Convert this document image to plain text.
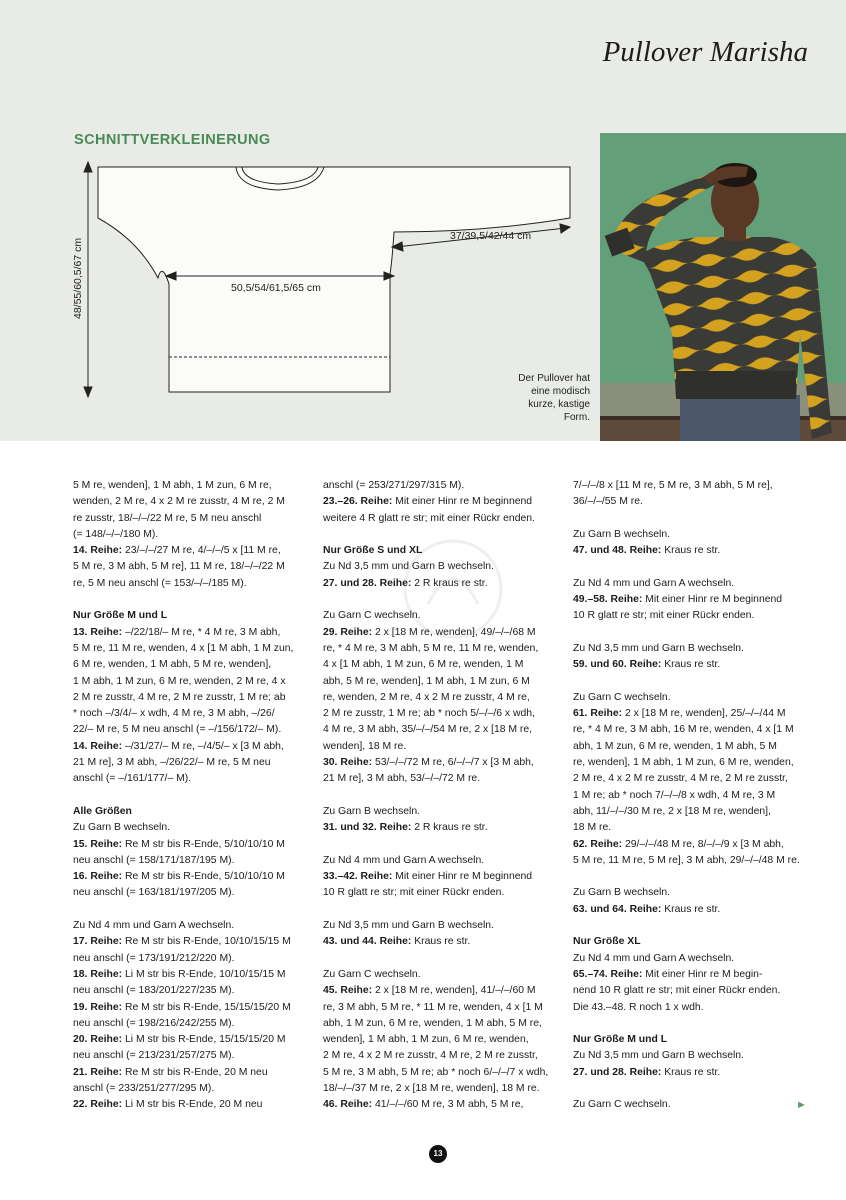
Pullover Marisha
SCHNITTVERKLEINERUNG
48/55/60,5/67 cm
37/39,5/42/44 cm
50,5/54/61,5/65 cm
Der Pullover hat
eine modisch
kurze, kastige
Form.

5 M re, wenden], 1 M abh, 1 M zun, 6 M re,
wenden, 2 M re, 4 x 2 M re zusstr, 4 M re, 2 M
re zusstr, 18/–/–/22 M re, 5 M neu anschl
(= 148/–/–/180 M).

14. Reihe: 23/–/–/27 M re, 4/–/–/5 x [11 M re,
5 M re, 3 M abh, 5 M re], 11 M re, 18/–/–/22 M
re, 5 M neu anschl (= 153/–/–/185 M).

Nur Größe M und L
13. Reihe: –/22/18/– M re, * 4 M re, 3 M abh,
5 M re, 11 M re, wenden, 4 x [1 M abh, 1 M zun,
6 M re, wenden, 1 M abh, 5 M re, wenden],
1 M abh, 1 M zun, 6 M re, wenden, 2 M re, 4 x
2 M re zusstr, 4 M re, 2 M re zusstr, 1 M re; ab
* noch –/3/4/– x wdh, 4 M re, 3 M abh, –/26/
22/– M re, 5 M neu anschl (= –/156/172/– M).
14. Reihe: –/31/27/– M re, –/4/5/– x [3 M abh,
21 M re], 3 M abh, –/26/22/– M re, 5 M neu
anschl (= –/161/177/– M).

Alle Größen
Zu Garn B wechseln.
15. Reihe: Re M str bis R-Ende, 5/10/10/10 M
neu anschl (= 158/171/187/195 M).
16. Reihe: Re M str bis R-Ende, 5/10/10/10 M
neu anschl (= 163/181/197/205 M).

Zu Nd 4 mm und Garn A wechseln.
17. Reihe: Re M str bis R-Ende, 10/10/15/15 M
neu anschl (= 173/191/212/220 M).
18. Reihe: Li M str bis R-Ende, 10/10/15/15 M
neu anschl (= 183/201/227/235 M).
19. Reihe: Re M str bis R-Ende, 15/15/15/20 M
neu anschl (= 198/216/242/255 M).
20. Reihe: Li M str bis R-Ende, 15/15/15/20 M
neu anschl (= 213/231/257/275 M).
21. Reihe: Re M str bis R-Ende, 20 M neu
anschl (= 233/251/277/295 M).
22. Reihe: Li M str bis R-Ende, 20 M neu

anschl (= 253/271/297/315 M).
23.–26. Reihe: Mit einer Hinr re M beginnend
weitere 4 R glatt re str; mit einer Rückr enden.

Nur Größe S und XL
Zu Nd 3,5 mm und Garn B wechseln.
27. und 28. Reihe: 2 R kraus re str.

Zu Garn C wechseln.
29. Reihe: 2 x [18 M re, wenden], 49/–/–/68 M
re, * 4 M re, 3 M abh, 5 M re, 11 M re, wenden,
4 x [1 M abh, 1 M zun, 6 M re, wenden, 1 M
abh, 5 M re, wenden], 1 M abh, 1 M zun, 6 M
re, wenden, 2 M re, 4 x 2 M re zusstr, 4 M re,
2 M re zusstr, 1 M re; ab * noch 5/–/–/6 x wdh,
4 M re, 3 M abh, 35/–/–/54 M re, 2 x [18 M re,
wenden], 18 M re.
30. Reihe: 53/–/–/72 M re, 6/–/–/7 x [3 M abh,
21 M re], 3 M abh, 53/–/–/72 M re.

Zu Garn B wechseln.
31. und 32. Reihe: 2 R kraus re str.

Zu Nd 4 mm und Garn A wechseln.
33.–42. Reihe: Mit einer Hinr re M beginnend
10 R glatt re str; mit einer Rückr enden.

Zu Nd 3,5 mm und Garn B wechseln.
43. und 44. Reihe: Kraus re str.

Zu Garn C wechseln.
45. Reihe: 2 x [18 M re, wenden], 41/–/–/60 M
re, 3 M abh, 5 M re, * 11 M re, wenden, 4 x [1 M
abh, 1 M zun, 6 M re, wenden, 1 M abh, 5 M re,
wenden], 1 M abh, 1 M zun, 6 M re, wenden,
2 M re, 4 x 2 M re zusstr, 4 M re, 2 M re zusstr,
5 M re, 3 M abh, 5 M re; ab * noch 6/–/–/7 x wdh,
18/–/–/37 M re, 2 x [18 M re, wenden], 18 M re.
46. Reihe: 41/–/–/60 M re, 3 M abh, 5 M re,

7/–/–/8 x [11 M re, 5 M re, 3 M abh, 5 M re],
36/–/–/55 M re.

Zu Garn B wechseln.
47. und 48. Reihe: Kraus re str.

Zu Nd 4 mm und Garn A wechseln.
49.–58. Reihe: Mit einer Hinr re M beginnend
10 R glatt re str; mit einer Rückr enden.

Zu Nd 3,5 mm und Garn B wechseln.
59. und 60. Reihe: Kraus re str.

Zu Garn C wechseln.
61. Reihe: 2 x [18 M re, wenden], 25/–/–/44 M
re, * 4 M re, 3 M abh, 16 M re, wenden, 4 x [1 M
abh, 1 M zun, 6 M re, wenden, 1 M abh, 5 M
re, wenden], 1 M abh, 1 M zun, 6 M re, wenden,
2 M re, 4 x 2 M re zusstr, 4 M re, 2 M re zusstr,
1 M re; ab * noch 7/–/–/8 x wdh, 4 M re, 3 M
abh, 11/–/–/30 M re, 2 x [18 M re, wenden],
18 M re.
62. Reihe: 29/–/–/48 M re, 8/–/–/9 x [3 M abh,
5 M re, 11 M re, 5 M re], 3 M abh, 29/–/–/48 M re.

Zu Garn B wechseln.
63. und 64. Reihe: Kraus re str.

Nur Größe XL
Zu Nd 4 mm und Garn A wechseln.
65.–74. Reihe: Mit einer Hinr re M begin-
nend 10 R glatt re str; mit einer Rückr enden.
Die 43.–48. R noch 1 x wdh.

Nur Größe M und L
Zu Nd 3,5 mm und Garn B wechseln.
27. und 28. Reihe: Kraus re str.

Zu Garn C wechseln.	►
13
